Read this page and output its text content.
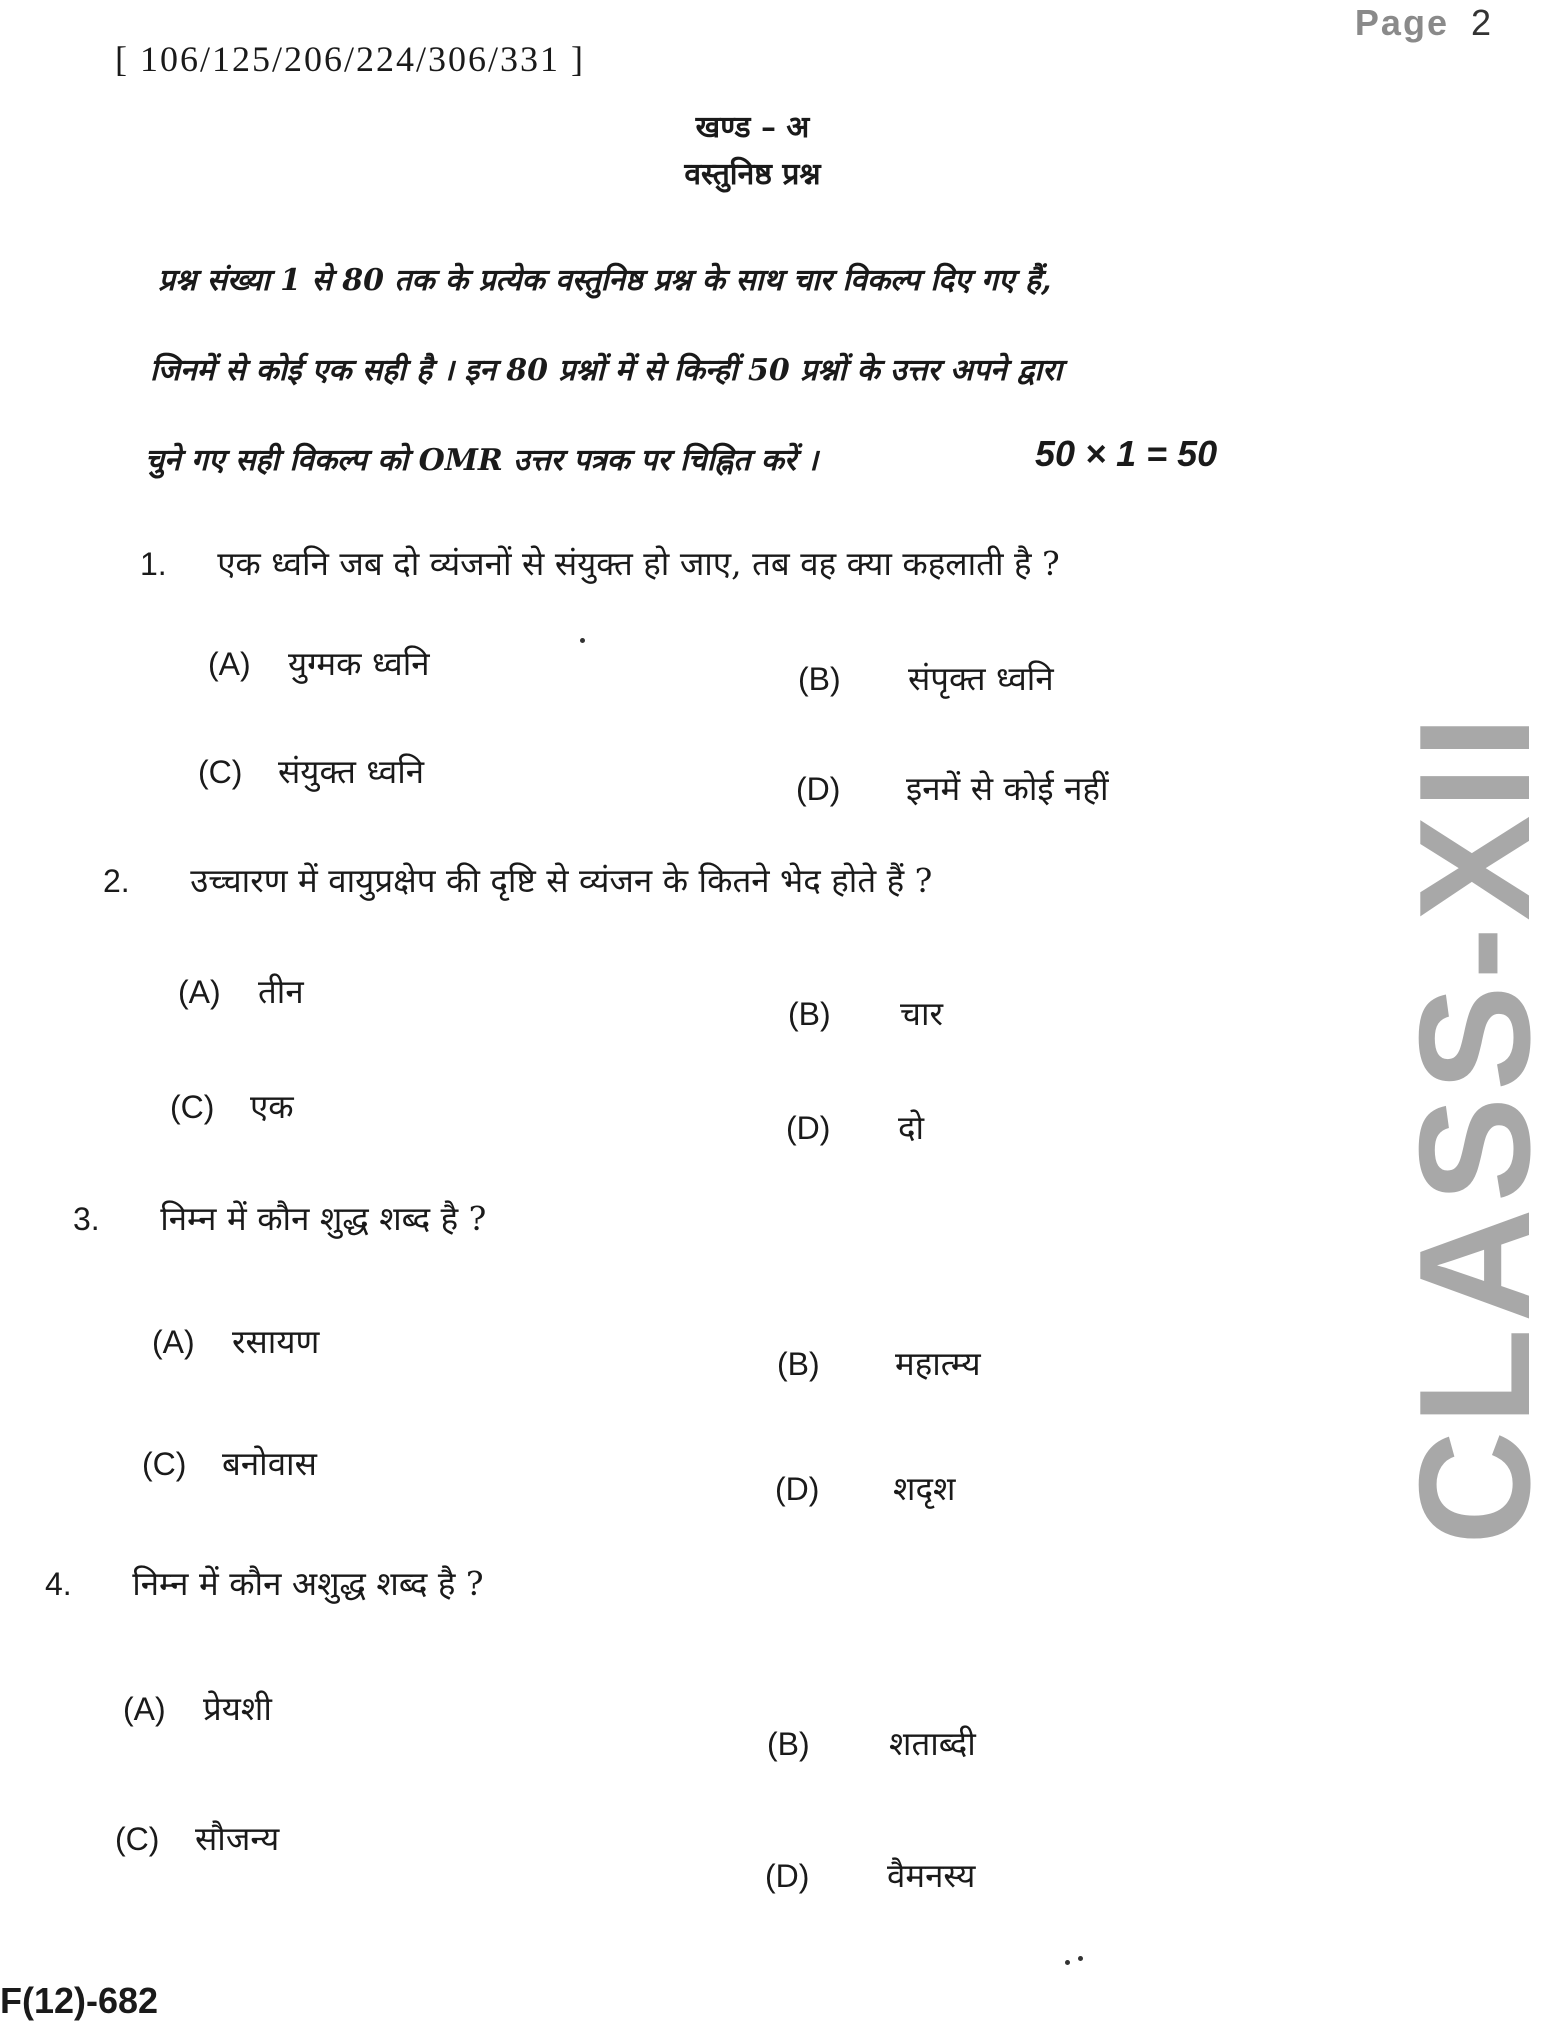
[ 106/125/206/224/306/331 ]
Page 2
खण्ड – अ
वस्तुनिष्ठ प्रश्न
प्रश्न संख्या 1 से 80 तक के प्रत्येक वस्तुनिष्ठ प्रश्न के साथ चार विकल्प दिए गए हैं,
जिनमें से कोई एक सही है । इन 80 प्रश्नों में से किन्हीं 50 प्रश्नों के उत्तर अपने द्वारा
चुने गए सही विकल्प को OMR उत्तर पत्रक पर चिह्नित करें ।	50 × 1 = 50
1. एक ध्वनि जब दो व्यंजनों से संयुक्त हो जाए, तब वह क्या कहलाती है ?
(A) युग्मक ध्वनि	(B) संपृक्त ध्वनि
(C) संयुक्त ध्वनि	(D) इनमें से कोई नहीं
2. उच्चारण में वायुप्रक्षेप की दृष्टि से व्यंजन के कितने भेद होते हैं ?
(A) तीन
(B) चार
(C) एक
(D) दो
3. निम्न में कौन शुद्ध शब्द है ?
(A) रसायण
(B) महात्म्य
(C) बनोवास
(D) शदृश
4. निम्न में कौन अशुद्ध शब्द है ?
(A) प्रेयशी
(B) शताब्दी
(C) सौजन्य
(D) वैमनस्य
F(12)-682
CLASS-XII
